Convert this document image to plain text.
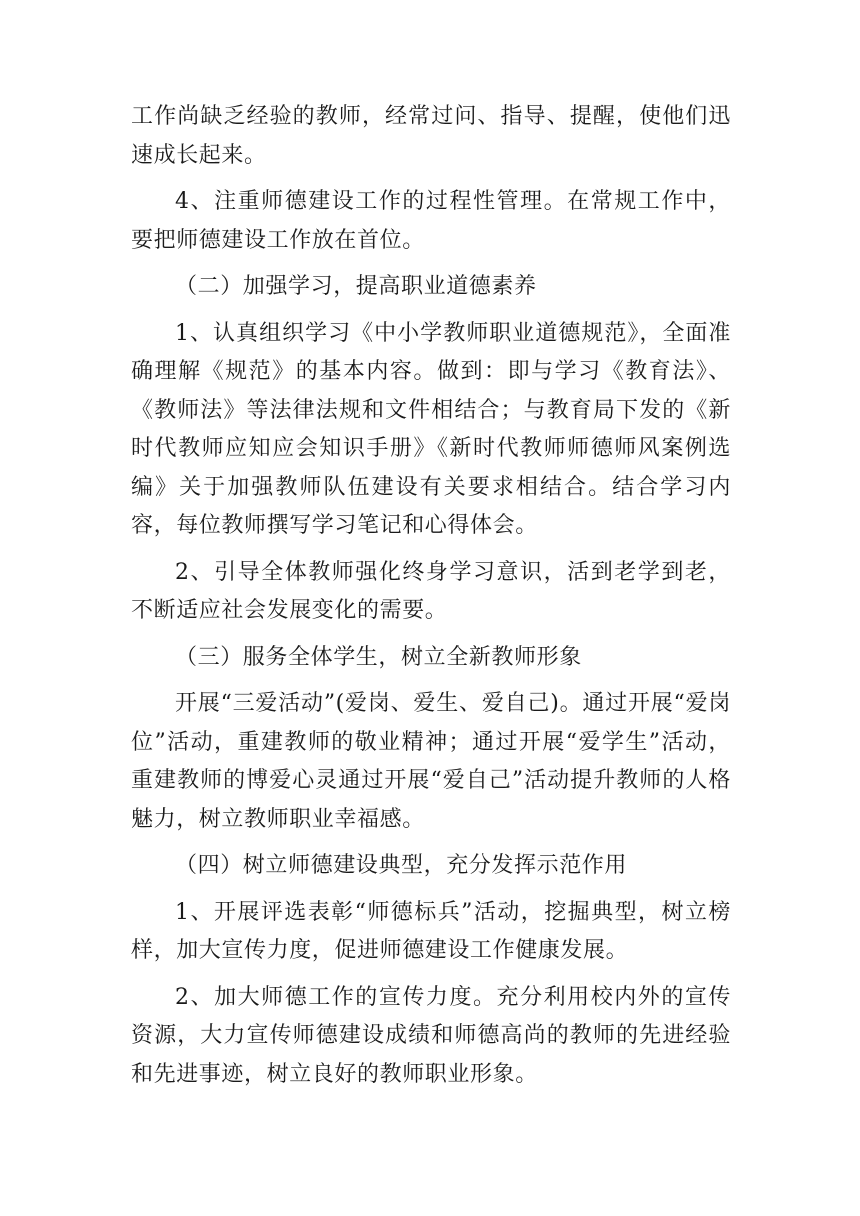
工作尚缺乏经验的教师，经常过问、指导、提醒，使他们迅速成长起来。

4、注重师德建设工作的过程性管理。在常规工作中，要把师德建设工作放在首位。

（二）加强学习，提高职业道德素养

1、认真组织学习《中小学教师职业道德规范》，全面准确理解《规范》的基本内容。做到：即与学习《教育法》、《教师法》等法律法规和文件相结合；与教育局下发的《新时代教师应知应会知识手册》《新时代教师师德师风案例选编》关于加强教师队伍建设有关要求相结合。结合学习内容，每位教师撰写学习笔记和心得体会。

2、引导全体教师强化终身学习意识，活到老学到老，不断适应社会发展变化的需要。

（三）服务全体学生，树立全新教师形象

开展“三爱活动”(爱岗、爱生、爱自己)。通过开展“爱岗位”活动，重建教师的敬业精神；通过开展“爱学生”活动，重建教师的博爱心灵通过开展“爱自己”活动提升教师的人格魅力，树立教师职业幸福感。

（四）树立师德建设典型，充分发挥示范作用

1、开展评选表彰“师德标兵”活动，挖掘典型，树立榜样，加大宣传力度，促进师德建设工作健康发展。

2、加大师德工作的宣传力度。充分利用校内外的宣传资源，大力宣传师德建设成绩和师德高尚的教师的先进经验和先进事迹，树立良好的教师职业形象。
